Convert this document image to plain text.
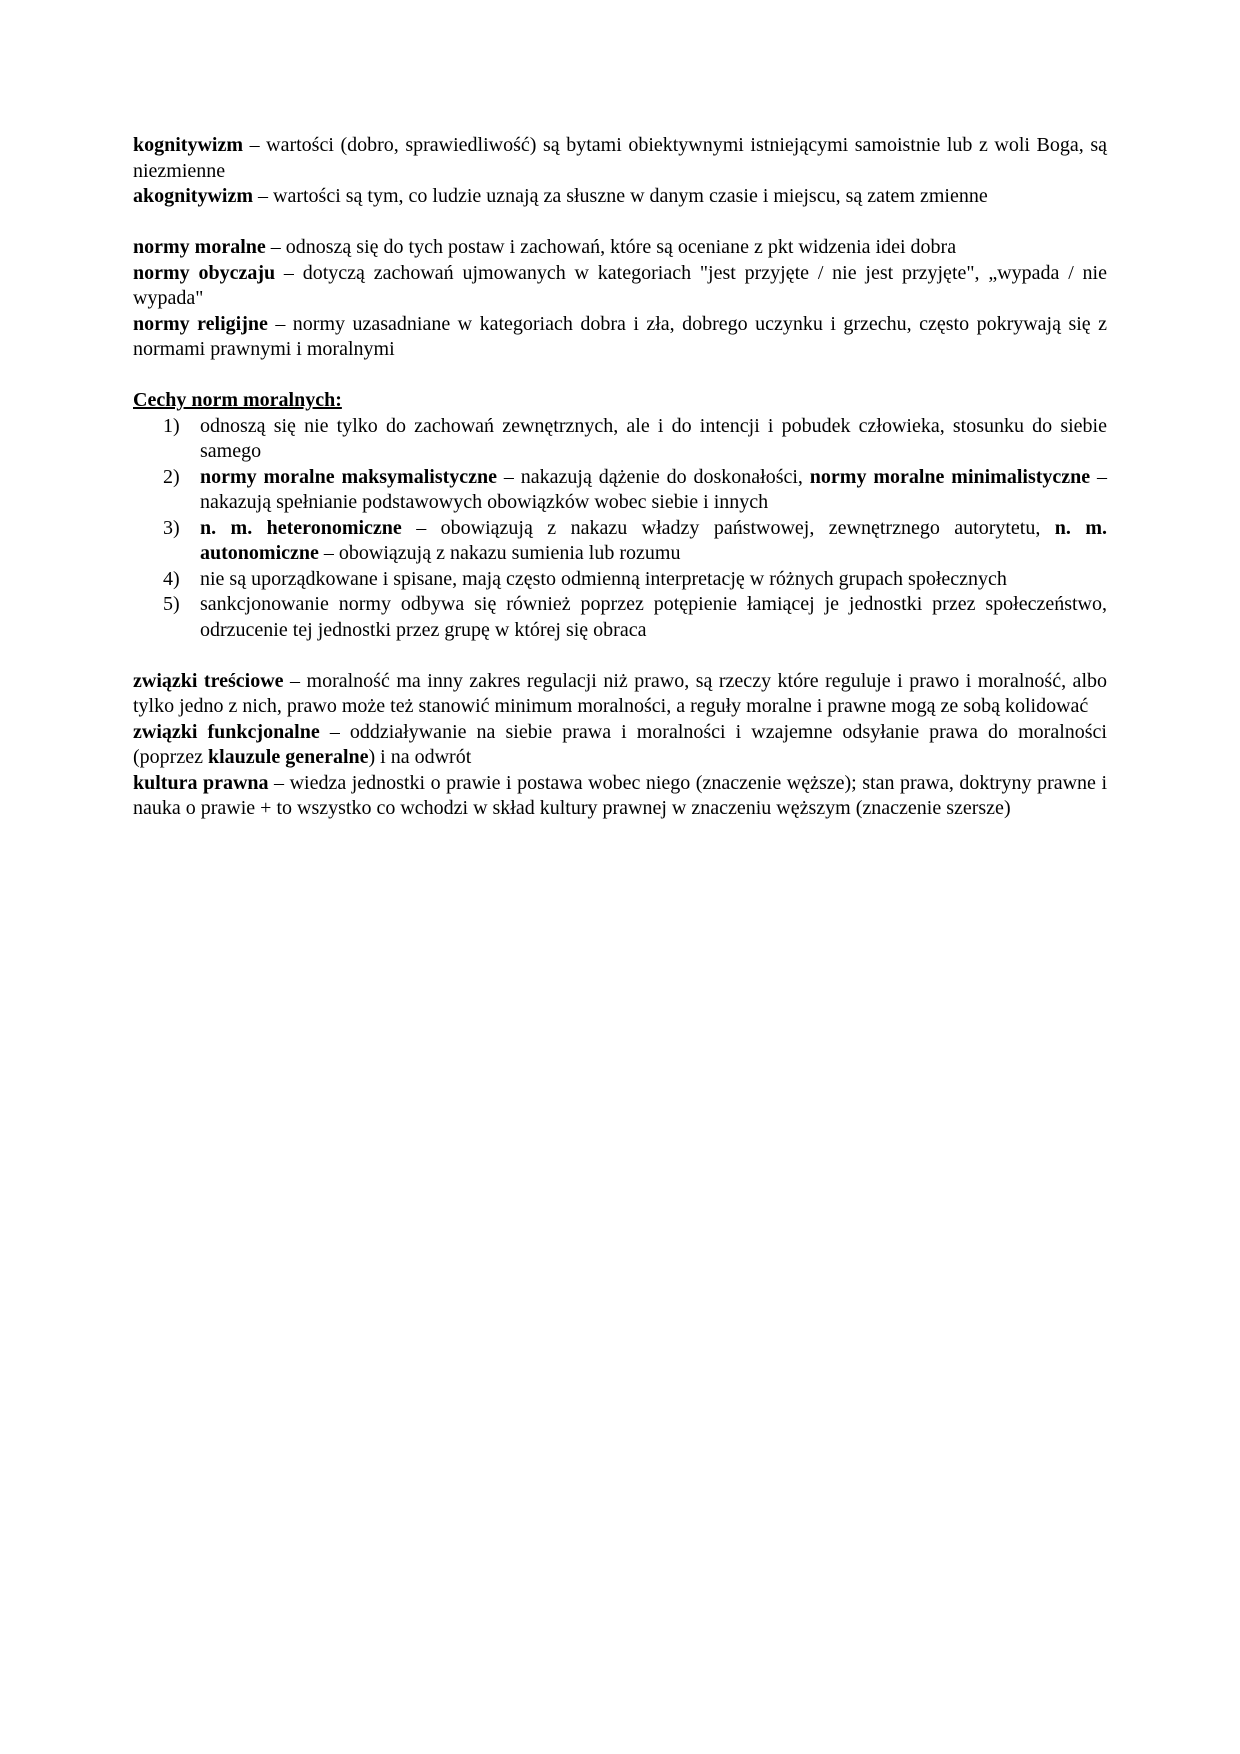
kognitywizm – wartości (dobro, sprawiedliwość) są bytami obiektywnymi istniejącymi samoistnie lub z woli Boga, są niezmienne

akognitywizm – wartości są tym, co ludzie uznają za słuszne w danym czasie i miejscu, są zatem zmienne

normy moralne – odnoszą się do tych postaw i zachowań, które są oceniane z pkt widzenia idei dobra

normy obyczaju – dotyczą zachowań ujmowanych w kategoriach "jest przyjęte / nie jest przyjęte", „wypada / nie wypada"

normy religijne – normy uzasadniane w kategoriach dobra i zła, dobrego uczynku i grzechu, często pokrywają się z normami prawnymi i moralnymi

Cechy norm moralnych:

1)	odnoszą się nie tylko do zachowań zewnętrznych, ale i do intencji i pobudek człowieka, stosunku do siebie samego
2)	normy moralne maksymalistyczne – nakazują dążenie do doskonałości, normy moralne minimalistyczne – nakazują spełnianie podstawowych obowiązków wobec siebie i innych
3)	n. m. heteronomiczne – obowiązują z nakazu władzy państwowej, zewnętrznego autorytetu, n. m. autonomiczne – obowiązują z nakazu sumienia lub rozumu
4)	nie są uporządkowane i spisane, mają często odmienną interpretację w różnych grupach społecznych
5)	sankcjonowanie normy odbywa się również poprzez potępienie łamiącej je jednostki przez społeczeństwo, odrzucenie tej jednostki przez grupę w której się obraca

związki treściowe – moralność ma inny zakres regulacji niż prawo, są rzeczy które reguluje i prawo i moralność, albo tylko jedno z nich, prawo może też stanowić minimum moralności, a reguły moralne i prawne mogą ze sobą kolidować

związki funkcjonalne – oddziaływanie na siebie prawa i moralności i wzajemne odsyłanie prawa do moralności (poprzez klauzule generalne) i na odwrót

kultura prawna – wiedza jednostki o prawie i postawa wobec niego (znaczenie węższe); stan prawa, doktryny prawne i nauka o prawie + to wszystko co wchodzi w skład kultury prawnej w znaczeniu węższym (znaczenie szersze)
